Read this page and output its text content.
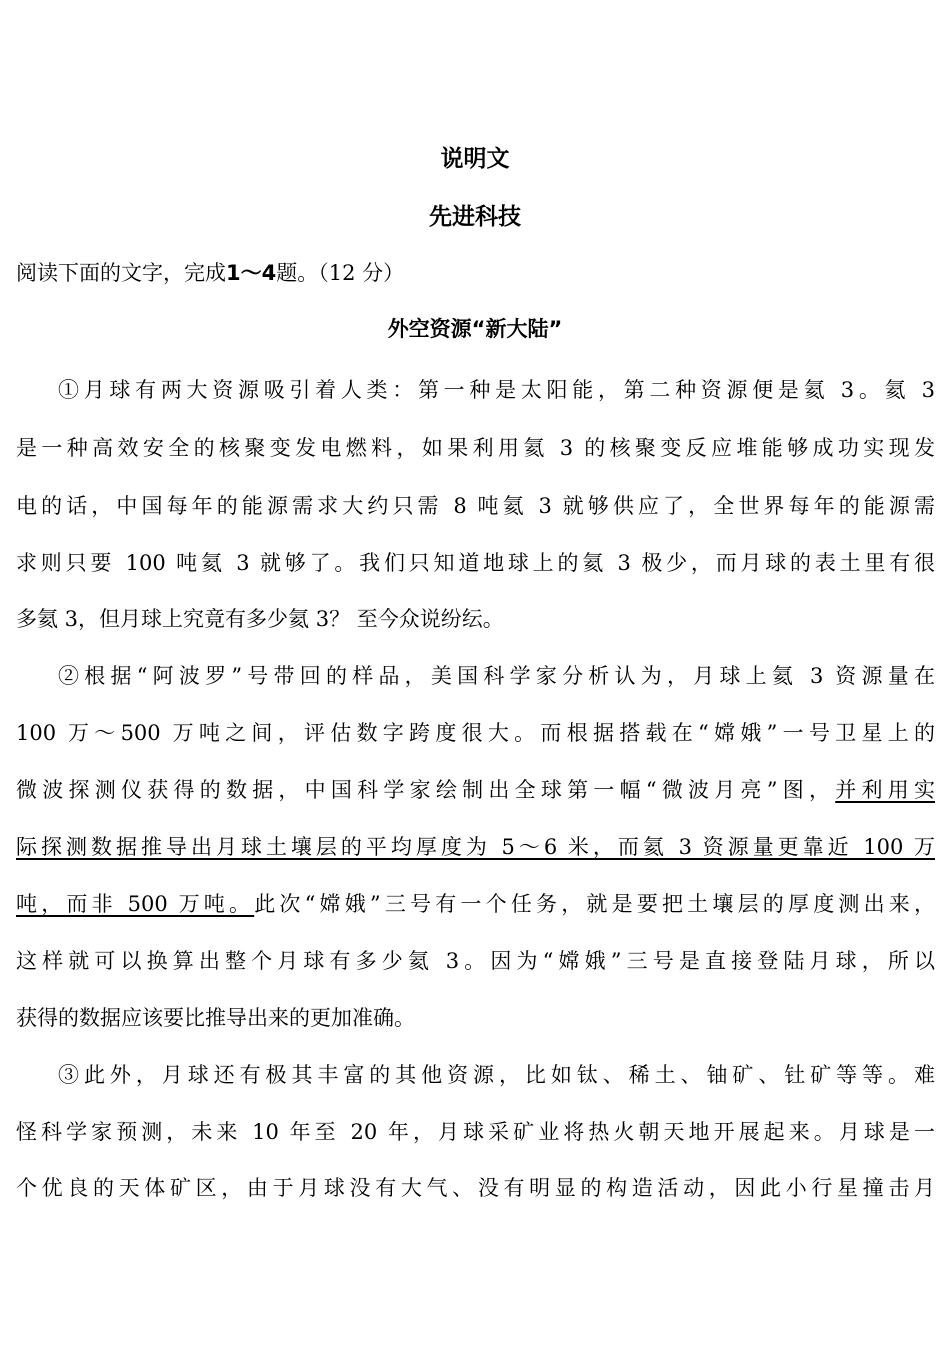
说明文
先进科技
阅读下面的文字，完成1～4题。（12 分）
外空资源“新大陆”
①月球有两大资源吸引着人类：第一种是太阳能，第二种资源便是氦 3。氦 3
是一种高效安全的核聚变发电燃料，如果利用氦 3 的核聚变反应堆能够成功实现发
电的话，中国每年的能源需求大约只需 8 吨氦 3 就够供应了，全世界每年的能源需
求则只要 100 吨氦 3 就够了。我们只知道地球上的氦 3 极少，而月球的表土里有很
多氦 3，但月球上究竟有多少氦 3？ 至今众说纷纭。
②根据“阿波罗”号带回的样品，美国科学家分析认为，月球上氦 3 资源量在
100 万～500 万吨之间，评估数字跨度很大。而根据搭载在“嫦娥”一号卫星上的
微波探测仪获得的数据，中国科学家绘制出全球第一幅“微波月亮”图，并利用实
际探测数据推导出月球土壤层的平均厚度为 5～6 米，而氦 3 资源量更靠近 100 万
吨，而非 500 万吨。此次“嫦娥”三号有一个任务，就是要把土壤层的厚度测出来，
这样就可以换算出整个月球有多少氦 3。因为“嫦娥”三号是直接登陆月球，所以
获得的数据应该要比推导出来的更加准确。
③此外，月球还有极其丰富的其他资源，比如钛、稀土、铀矿、钍矿等等。难
怪科学家预测，未来 10 年至 20 年，月球采矿业将热火朝天地开展起来。月球是一
个优良的天体矿区，由于月球没有大气、没有明显的构造活动，因此小行星撞击月
